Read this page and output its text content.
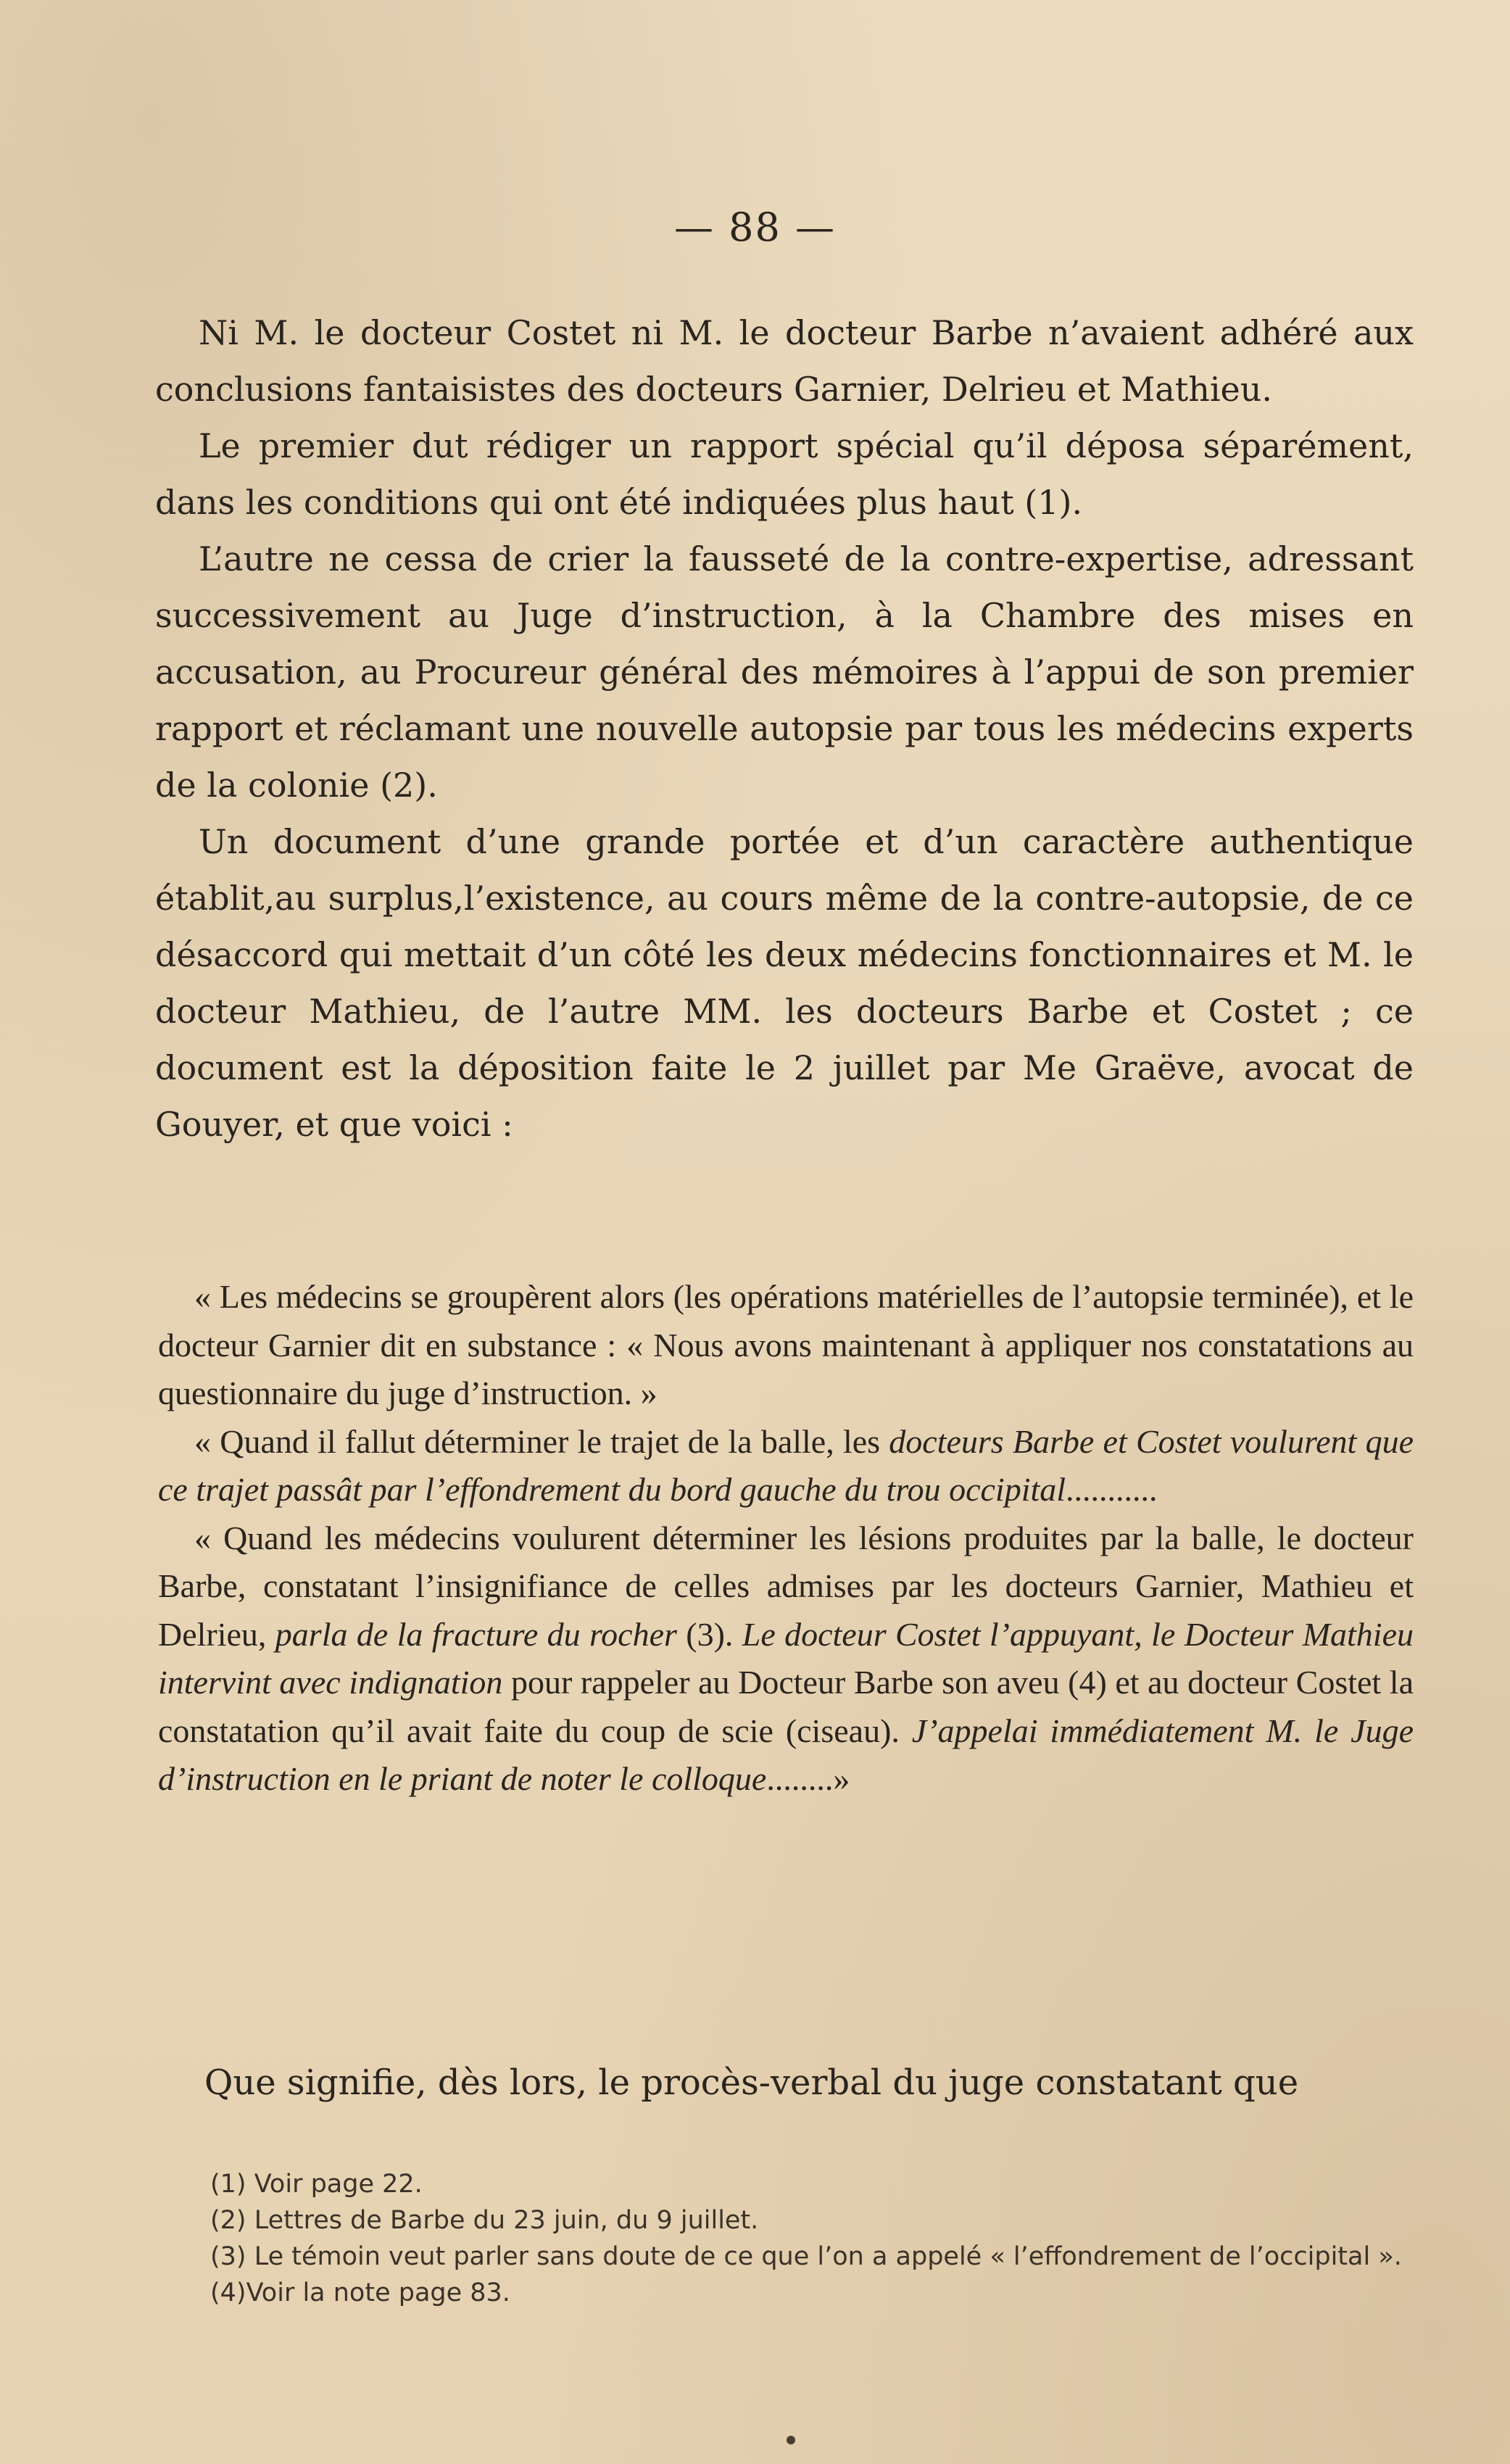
— 88 —

Ni M. le docteur Costet ni M. le docteur Barbe n’avaient adhéré aux conclusions fantaisistes des docteurs Garnier, Delrieu et Mathieu.

Le premier dut rédiger un rapport spécial qu’il déposa séparément, dans les conditions qui ont été indiquées plus haut (1).

L’autre ne cessa de crier la fausseté de la contre-expertise, adressant successivement au Juge d’instruction, à la Chambre des mises en accusation, au Procureur général des mémoires à l’appui de son premier rapport et réclamant une nouvelle autopsie par tous les médecins experts de la colonie (2).

Un document d’une grande portée et d’un caractère authentique établit,au surplus,l’existence, au cours même de la contre-autopsie, de ce désaccord qui mettait d’un côté les deux médecins fonctionnaires et M. le docteur Mathieu, de l’autre MM. les docteurs Barbe et Costet ; ce document est la déposition faite le 2 juillet par Me Graëve, avocat de Gouyer, et que voici :

« Les médecins se groupèrent alors (les opérations matérielles de l’autopsie terminée), et le docteur Garnier dit en substance : « Nous avons maintenant à appliquer nos constatations au questionnaire du juge d’instruction. »

« Quand il fallut déterminer le trajet de la balle, les docteurs Barbe et Costet voulurent que ce trajet passât par l’effondrement du bord gauche du trou occipital...........

« Quand les médecins voulurent déterminer les lésions produites par la balle, le docteur Barbe, constatant l’insignifiance de celles admises par les docteurs Garnier, Mathieu et Delrieu, parla de la fracture du rocher (3). Le docteur Costet l’appuyant, le Docteur Mathieu intervint avec indignation pour rappeler au Docteur Barbe son aveu (4) et au docteur Costet la constatation qu’il avait faite du coup de scie (ciseau). J’appelai immédiatement M. le Juge d’instruction en le priant de noter le colloque........»

Que signifie, dès lors, le procès-verbal du juge constatant que

(1) Voir page 22.

(2) Lettres de Barbe du 23 juin, du 9 juillet.

(3) Le témoin veut parler sans doute de ce que l’on a appelé « l’effondrement de l’occipital ».

(4)Voir la note page 83.
